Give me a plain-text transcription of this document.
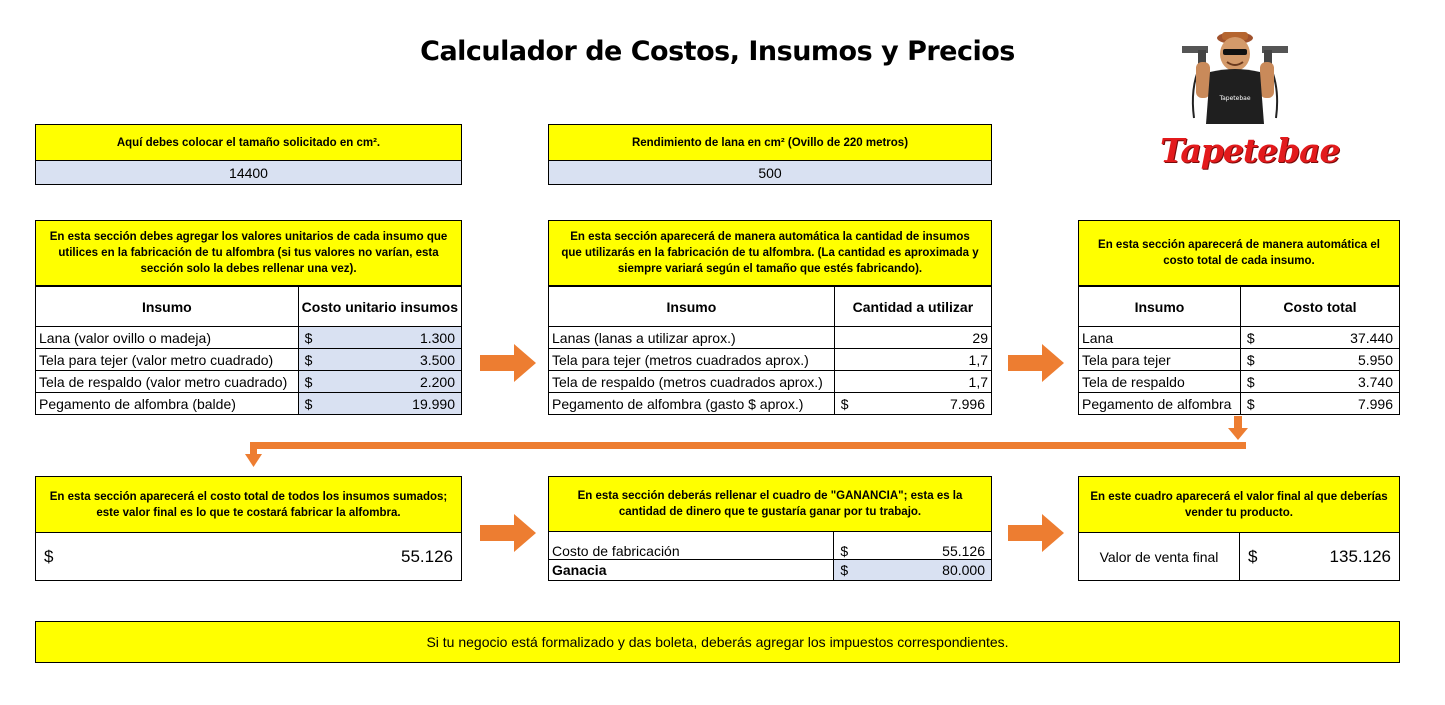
Calculador de Costos, Insumos y Precios
Tapetebae
Tapetebae
Aquí debes colocar el tamaño solicitado en cm².
14400
Rendimiento de lana en cm² (Ovillo de 220 metros)
500
En esta sección debes agregar los valores unitarios de cada insumo que utilices en la fabricación de tu alfombra (si tus valores no varían, esta sección solo la debes rellenar una vez).
Insumo	Costo unitario insumos
Lana (valor ovillo o madeja)	$ 1.300

Tela para tejer (valor metro cuadrado)	$ 3.500

Tela de respaldo (valor metro cuadrado)	$ 2.200

Pegamento de alfombra (balde)	$ 19.990
En esta sección aparecerá de manera automática la cantidad de insumos que utilizarás en la fabricación de tu alfombra. (La cantidad es aproximada y siempre variará según el tamaño que estés fabricando).
Insumo	Cantidad a utilizar
Lanas (lanas a utilizar aprox.)	29
Tela para tejer (metros cuadrados aprox.)	1,7
Tela de respaldo (metros cuadrados aprox.)	1,7
Pegamento de alfombra (gasto $ aprox.)	$ 7.996
En esta sección aparecerá de manera automática el costo total de cada insumo.
Insumo	Costo total
Lana	$ 37.440

Tela para tejer	$ 5.950

Tela de respaldo	$ 3.740

Pegamento de alfombra	$ 7.996
En esta sección aparecerá el costo total de todos los insumos sumados; este valor final es lo que te costará fabricar la alfombra.
$	55.126
En esta sección deberás rellenar el cuadro de "GANANCIA"; esta es la cantidad de dinero que te gustaría ganar por tu trabajo.
Costo de fabricación	$ 55.126

Ganacia	$ 80.000
En este cuadro aparecerá el valor final al que deberías vender tu producto.
Valor de venta final	$	135.126
Si tu negocio está formalizado y das boleta, deberás agregar los impuestos correspondientes.
